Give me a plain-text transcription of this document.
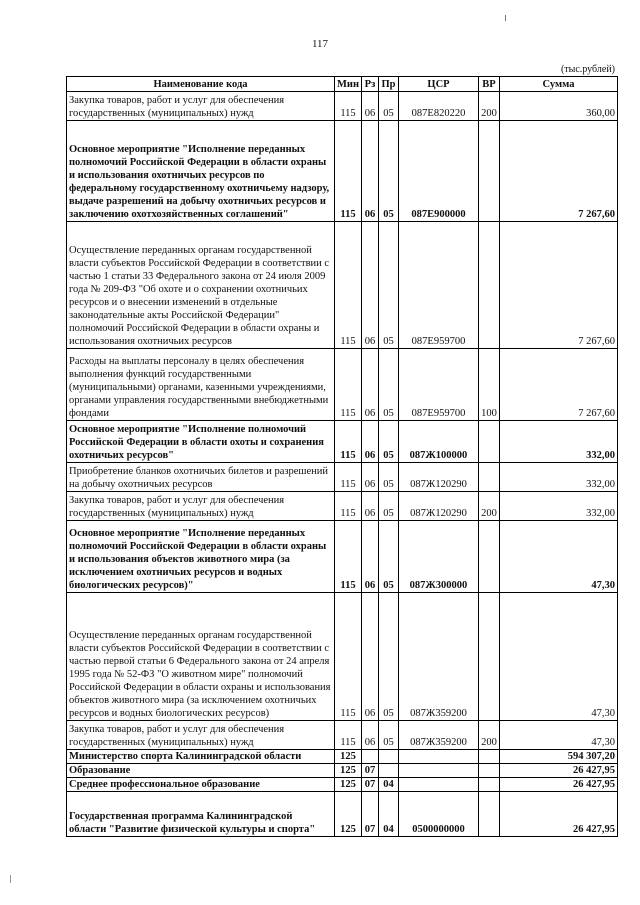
117
(тыс.рублей)
Наименование кода	Мин	Рз	Пр	ЦСР	ВР	Сумма
Закупка товаров, работ и услуг для обеспечения государственных (муниципальных) нужд	115	06	05	087E820220	200	360,00
Основное мероприятие "Исполнение переданных полномочий Российской Федерации в области охраны и использования охотничьих ресурсов по федеральному государственному охотничьему надзору, выдаче разрешений на добычу охотничьих ресурсов и заключению охотхозяйственных соглашений"	115	06	05	087E900000		7 267,60
Осуществление переданных органам государственной власти субъектов Российской Федерации в соответствии с частью 1 статьи 33 Федерального закона от 24 июля 2009 года № 209-ФЗ "Об охоте и о сохранении охотничьих ресурсов и о внесении изменений в отдельные законодательные акты Российской Федерации" полномочий Российской Федерации в области охраны и использования охотничьих ресурсов	115	06	05	087E959700		7 267,60
Расходы на выплаты персоналу в целях обеспечения выполнения функций государственными (муниципальными) органами, казенными учреждениями, органами управления государственными внебюджетными фондами	115	06	05	087E959700	100	7 267,60
Основное мероприятие "Исполнение полномочий Российской Федерации в области охоты и сохранения охотничьих ресурсов"	115	06	05	087Ж100000		332,00
Приобретение бланков охотничьих билетов и разрешений на добычу охотничьих ресурсов	115	06	05	087Ж120290		332,00
Закупка товаров, работ и услуг для обеспечения государственных (муниципальных) нужд	115	06	05	087Ж120290	200	332,00
Основное мероприятие "Исполнение переданных полномочий Российской Федерации в области охраны и использования объектов животного мира (за исключением охотничьих ресурсов и водных биологических ресурсов)"	115	06	05	087Ж300000		47,30
Осуществление переданных органам государственной власти субъектов Российской Федерации в соответствии с частью первой статьи 6 Федерального закона от 24 апреля 1995 года № 52-ФЗ "О животном мире" полномочий Российской Федерации в области охраны и использования объектов животного мира (за исключением охотничьих ресурсов и водных биологических ресурсов)	115	06	05	087Ж359200		47,30
Закупка товаров, работ и услуг для обеспечения государственных (муниципальных) нужд	115	06	05	087Ж359200	200	47,30
Министерство спорта Калининградской области	125					594 307,20
Образование	125	07				26 427,95
Среднее профессиональное образование	125	07	04			26 427,95
Государственная программа Калининградской области "Развитие физической культуры и спорта"	125	07	04	0500000000		26 427,95
